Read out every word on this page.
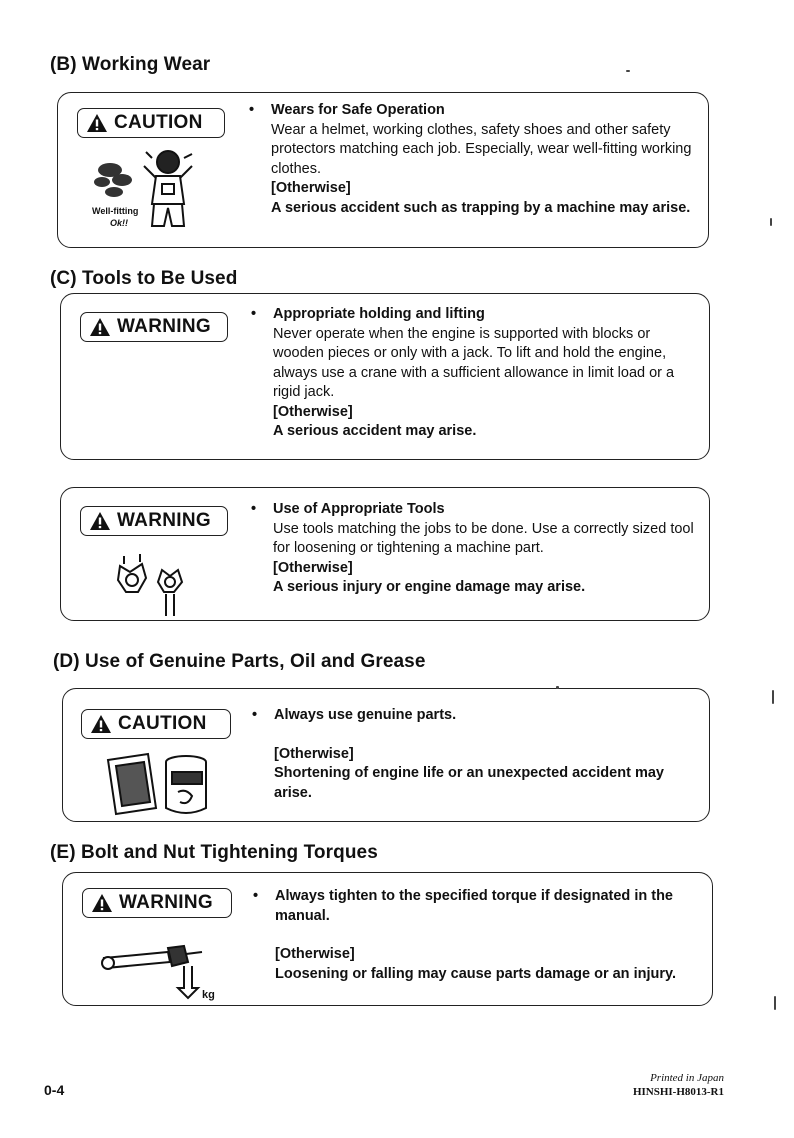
(B) Working Wear
CAUTION
Well-fitting
Ok!!
• Wears for Safe Operation
Wear a helmet, working clothes, safety shoes and other safety protectors matching each job. Especially, wear well-fitting working clothes.
[Otherwise]
A serious accident such as trapping by a machine may arise.
(C) Tools to Be Used
WARNING
• Appropriate holding and lifting
Never operate when the engine is supported with blocks or wooden pieces or only with a jack. To lift and hold the engine, always use a crane with a sufficient allowance in limit load or a rigid jack.
[Otherwise]
A serious accident may arise.
WARNING
• Use of Appropriate Tools
Use tools matching the jobs to be done. Use a correctly sized tool for loosening or tightening a machine part.
[Otherwise]
A serious injury or engine damage may arise.
(D) Use of Genuine Parts, Oil and Grease
CAUTION	• Always use genuine parts.
[Otherwise]
Shortening of engine life or an unexpected accident may arise.
(E) Bolt and Nut Tightening Torques
WARNING
kg
• Always tighten to the specified torque if designated in the manual.
[Otherwise]
Loosening or falling may cause parts damage or an injury.
0-4
Printed in Japan
HINSHI-H8013-R1
